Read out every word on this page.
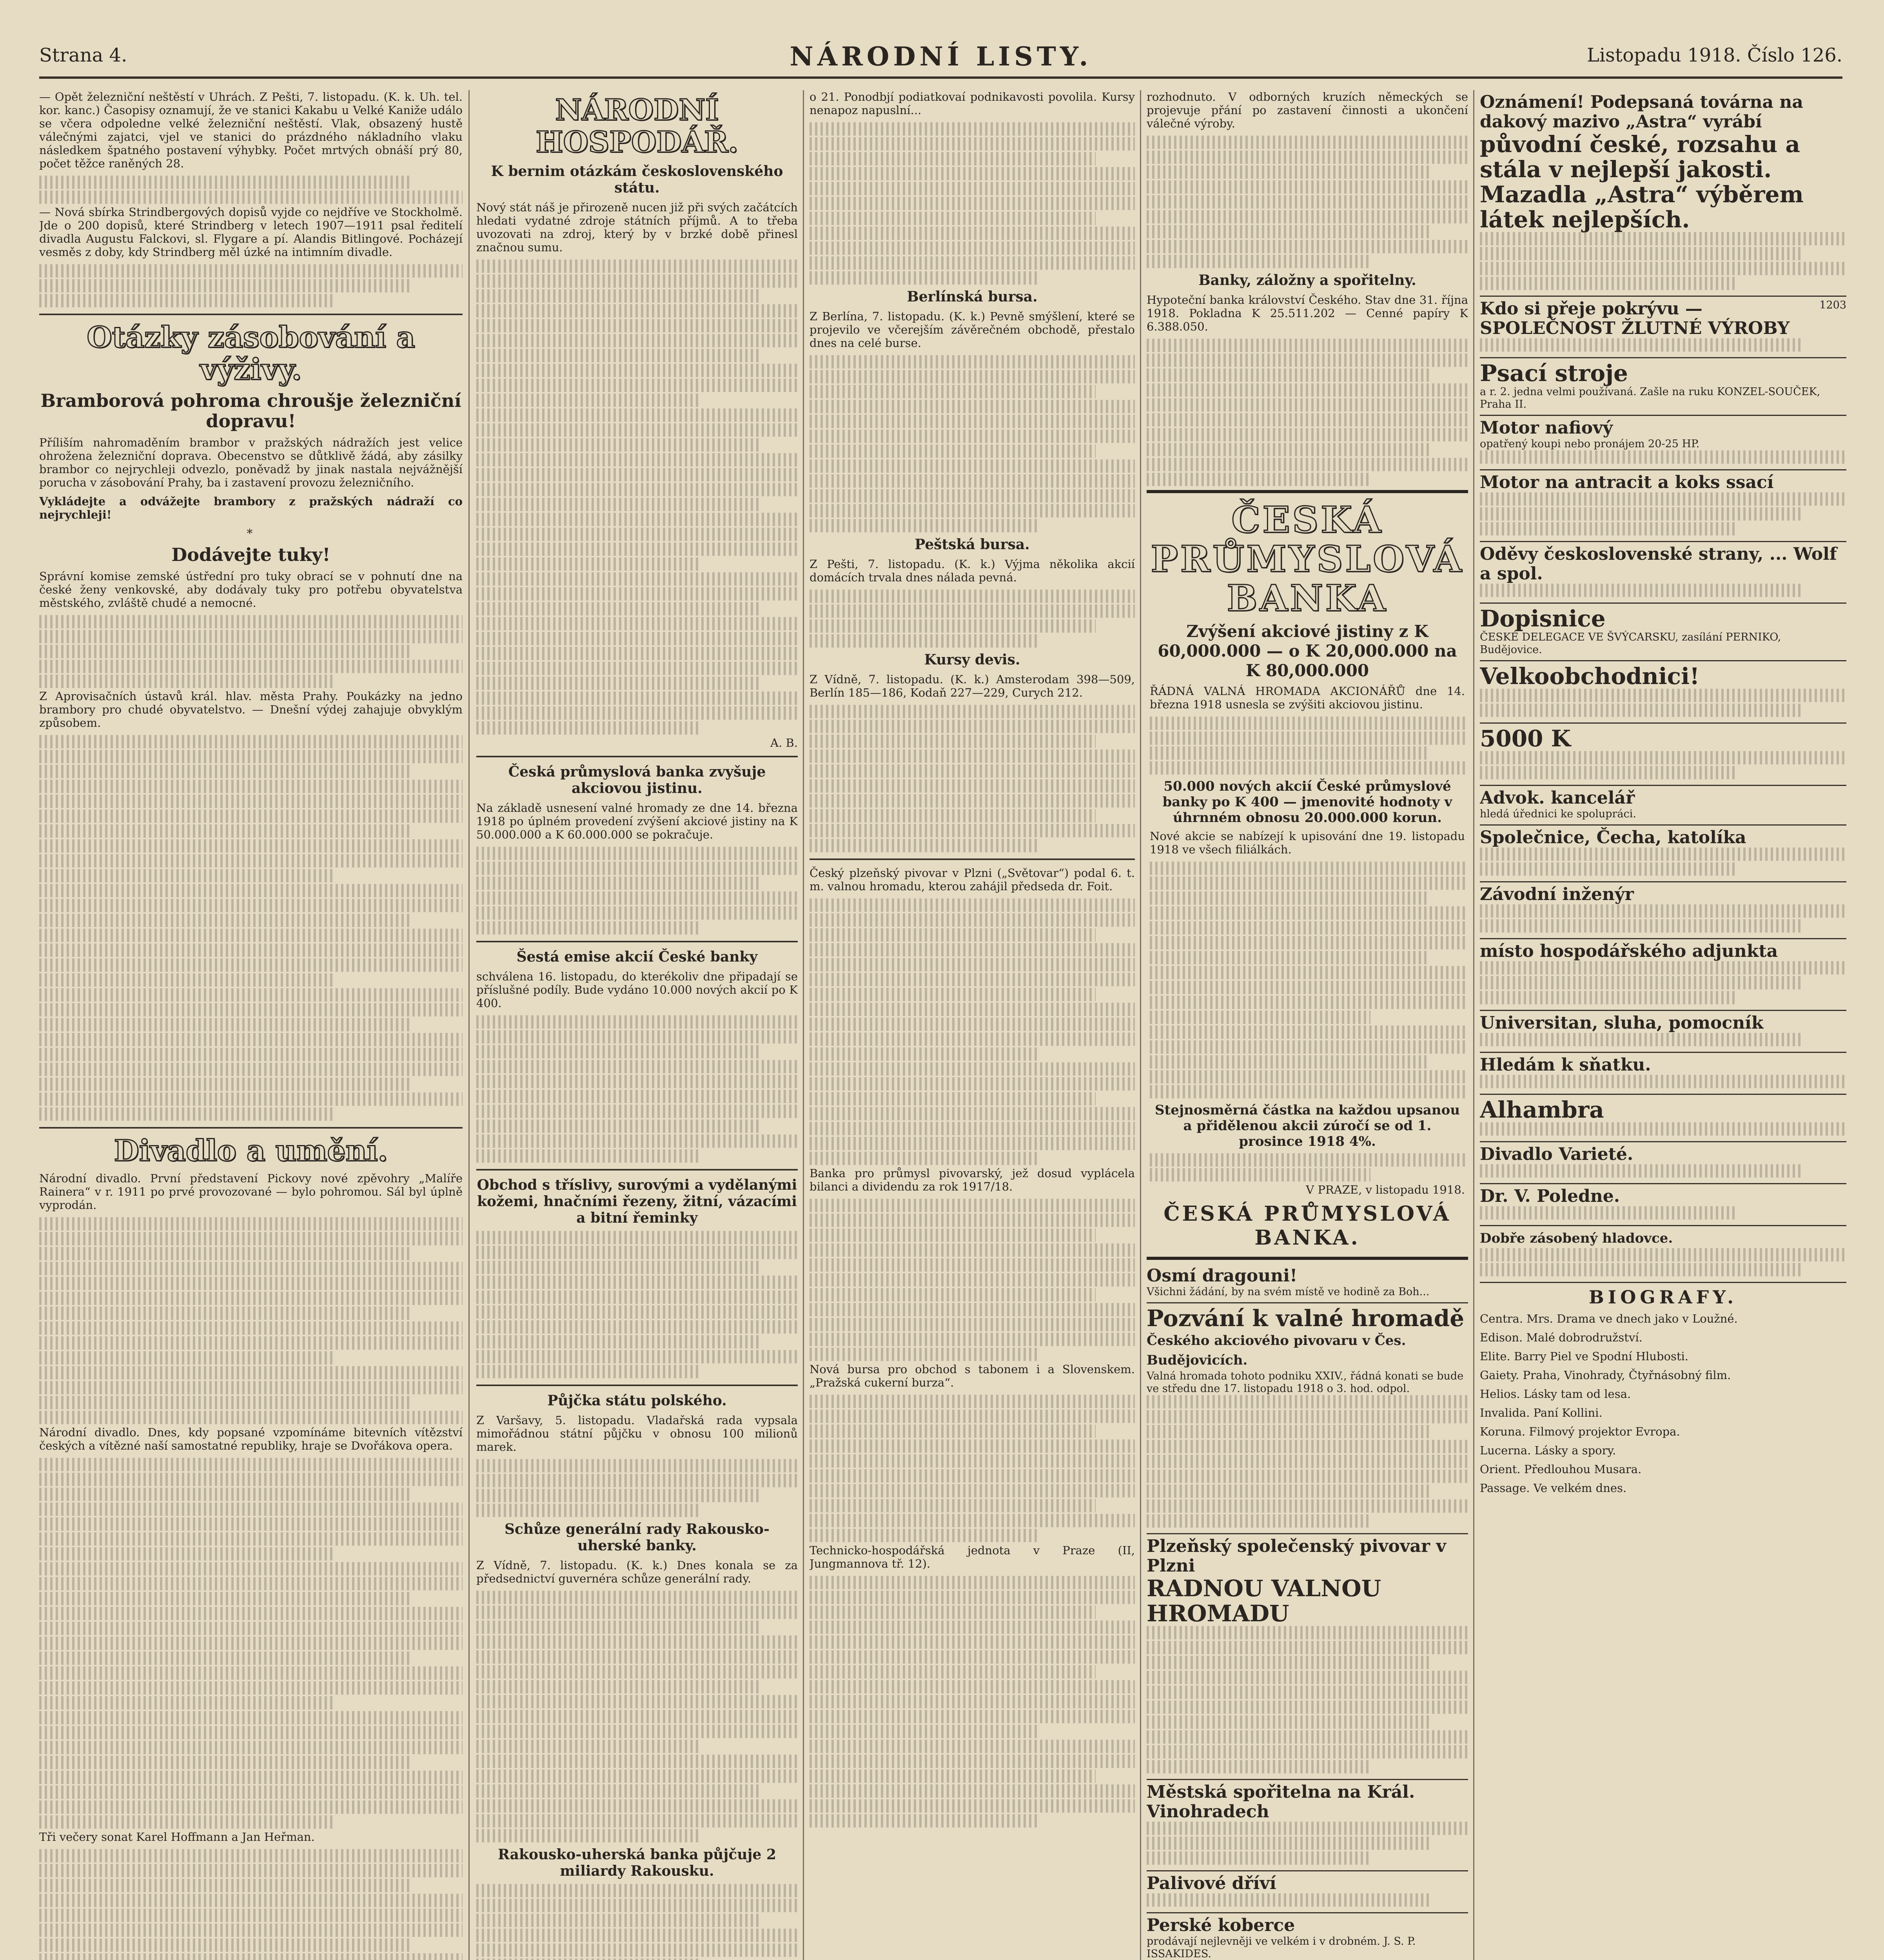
Strana 4.	NÁRODNÍ LISTY.	Listopadu 1918. Číslo 126.

— Opět železniční neštěstí v Uhrách. Z Pešti, 7. listopadu. (K. k. Uh. tel. kor. kanc.) Časopisy oznamují, že ve stanici Kakabu u Velké Kaniže událo se včera odpoledne velké železniční neštěstí. Vlak, obsazený hustě válečnými zajatci, vjel ve stanici do prázdného nákladního vlaku následkem špatného postavení výhybky. Počet mrtvých obnáší prý 80, počet těžce raněných 28.

— Nová sbírka Strindbergových dopisů vyjde co nejdříve ve Stockholmě. Jde o 200 dopisů, které Strindberg v letech 1907—1911 psal ředitelí divadla Augustu Falckovi, sl. Flygare a pí. Alandis Bitlingové. Pocházejí vesměs z doby, kdy Strindberg měl úzké na intimním divadle.

Otázky zásobování a výživy.
Bramborová pohroma chroušje železniční dopravu!

Příliším nahromaděním brambor v pražských nádražích jest velice ohrožena železniční doprava. Obecenstvo se důtklivě žádá, aby zásilky brambor co nejrychleji odvezlo, poněvadž by jinak nastala nejvážnější porucha v zásobování Prahy, ba i zastavení provozu železničního.

Vykládejte a odvážejte brambory z pražských nádraží co nejrychleji!

*
Dodávejte tuky!

Správní komise zemské ústřední pro tuky obrací se v pohnutí dne na české ženy venkovské, aby dodávaly tuky pro potřebu obyvatelstva městského, zvláště chudé a nemocné.

Z Aprovisačních ústavů král. hlav. města Prahy. Poukázky na jedno brambory pro chudé obyvatelstvo. — Dnešní výdej zahajuje obvyklým způsobem.

Divadlo a umění.

Národní divadlo. První představení Pickovy nové zpěvohry „Malíře Rainera“ v r. 1911 po prvé provozované — bylo pohromou. Sál byl úplně vyprodán.

Národní divadlo. Dnes, kdy popsané vzpomínáme bitevních vítězství českých a vítězné naší samostatné republiky, hraje se Dvořákova opera.

Tři večery sonat Karel Hoffmann a Jan Heřman.

NÁRODNÍ HOSPODÁŘ.
K bernim otázkám československého státu.

Nový stát náš je přirozeně nucen již při svých začátcích hledati vydatné zdroje státních příjmů. A to třeba uvozovati na zdroj, který by v brzké době přinesl značnou sumu.

A. B.
Česká průmyslová banka zvyšuje akciovou jistinu.

Na základě usnesení valné hromady ze dne 14. března 1918 po úplném provedení zvýšení akciové jistiny na K 50.000.000 a K 60.000.000 se pokračuje.

Šestá emise akcií České banky

schválena 16. listopadu, do kterékoliv dne připadají se příslušné podíly. Bude vydáno 10.000 nových akcií po K 400.

Obchod s tříslivy, surovými a vydělanými kožemi, hnačními řezeny, žitní, vázacími a bitní řeminky
Půjčka státu polského.

Z Varšavy, 5. listopadu. Vladařská rada vypsala mimořádnou státní půjčku v obnosu 100 milionů marek.

Schůze generální rady Rakousko-uherské banky.

Z Vídně, 7. listopadu. (K. k.) Dnes konala se za předsednictví guvernéra schůze generální rady.

Rakousko-uherská banka půjčuje 2 miliardy Rakousku.

o 21. Ponodbjí podiatkovaí podnikavosti povolila. Kursy nenapoz napuslní...

Berlínská bursa.

Z Berlína, 7. listopadu. (K. k.) Pevně smýšlení, které se projevilo ve včerejším závěrečném obchodě, přestalo dnes na celé burse.

Peštská bursa.

Z Pešti, 7. listopadu. (K. k.) Výjma několika akcií domácích trvala dnes nálada pevná.

Kursy devis.

Z Vídně, 7. listopadu. (K. k.) Amsterodam 398—509, Berlín 185—186, Kodaň 227—229, Curych 212.

Český plzeňský pivovar v Plzni („Světovar“) podal 6. t. m. valnou hromadu, kterou zahájil předseda dr. Foit.

Banka pro průmysl pivovarský, jež dosud vyplácela bilanci a dividendu za rok 1917/18.

Nová bursa pro obchod s tabonem i a Slovenskem. „Pražská cukerní burza“.

Technicko-hospodářská jednota v Praze (II, Jungmannova tř. 12).

rozhodnuto. V odborných kruzích německých se projevuje přání po zastavení činnosti a ukončení válečné výroby.

Banky, záložny a spořitelny.

Hypoteční banka království Českého. Stav dne 31. října 1918. Pokladna K 25.511.202 — Cenné papíry K 6.388.050.

ČESKÁ PRŮMYSLOVÁ BANKA
Zvýšení akciové jistiny z K 60,000.000 — o K 20,000.000 na K 80,000.000

ŘÁDNÁ VALNÁ HROMADA AKCIONÁŘŮ dne 14. března 1918 usnesla se zvýšiti akciovou jistinu.

50.000 nových akcií České průmyslové banky po K 400 — jmenovité hodnoty v úhrnném obnosu 20.000.000 korun.

Nové akcie se nabízejí k upisování dne 19. listopadu 1918 ve všech filiálkách.

Stejnosměrná částka na každou upsanou a přidělenou akcii zúročí se od 1. prosince 1918 4%.
V PRAZE, v listopadu 1918.
ČESKÁ PRŮMYSLOVÁ BANKA.
Osmí dragouni!
Všichni žádání, by na svém místě ve hodině za Boh...
Pozvání k valné hromadě
Českého akciového pivovaru v Čes. Budějovicích.
Valná hromada tohoto podniku XXIV., řádná konati se bude ve středu dne 17. listopadu 1918 o 3. hod. odpol.
Plzeňský společenský pivovar v Plzni
RADNOU VALNOU HROMADU
Městská spořitelna na Král. Vinohradech
Palivové dříví
Perské koberce
prodávají nejlevněji ve velkém i v drobném. J. S. P. ISSAKIDES.
Oznámení! Podepsaná továrna na dakový mazivo „Astra“ vyrábí
původní české, rozsahu a stála v nejlepší jakosti. Mazadla „Astra“ výběrem látek nejlepších.
1203
Kdo si přeje pokrývu — SPOLEČNOST ŽLUTNÉ VÝROBY
Psací stroje
a r. 2. jedna velmi používaná. Zašle na ruku KONZEL-SOUČEK, Praha II.
Motor nafiový
opatřený koupi nebo pronájem 20-25 HP.
Motor na antracit a koks ssací
Oděvy československé strany, ... Wolf a spol.
Dopisnice
ČESKÉ DELEGACE VE ŠVÝCARSKU, zasílání PERNIKO, Budějovice.
Velkoobchodnici!
5000 K
Advok. kancelář
hledá úřednici ke spolupráci.
Společnice, Čecha, katolíka
Závodní inženýr
místo hospodářského adjunkta
Universitan, sluha, pomocník
Hledám k sňatku.
Alhambra
Divadlo Varieté.
Dr. V. Poledne.
Dobře zásobený hladovce.
BIOGRAFY.

Centra. Mrs. Drama ve dnech jako v Loužné.

Edison. Malé dobrodružství.

Elite. Barry Piel ve Spodní Hlubosti.

Gaiety. Praha, Vinohrady, Čtyřnásobný film.

Helios. Lásky tam od lesa.

Invalida. Paní Kollini.

Koruna. Filmový projektor Evropa.

Lucerna. Lásky a spory.

Orient. Předlouhou Musara.

Passage. Ve velkém dnes.
